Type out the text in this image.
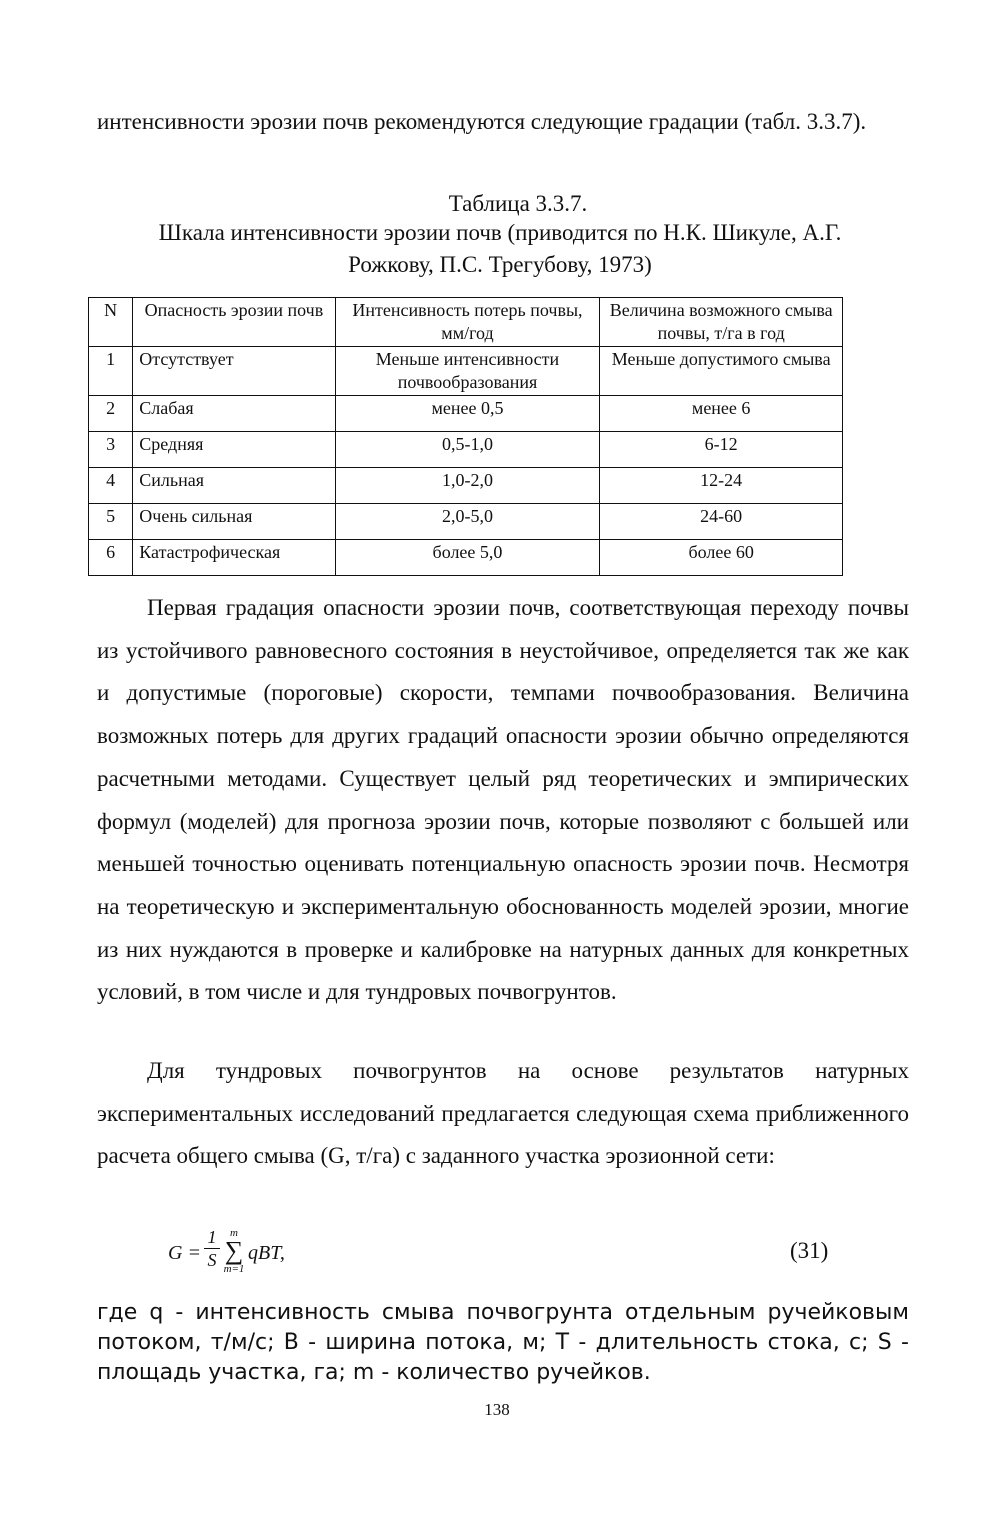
интенсивности эрозии почв рекомендуются следующие градации (табл. 3.3.7).
Таблица 3.3.7.
Шкала интенсивности эрозии почв (приводится по Н.К. Шикуле, А.Г. Рожкову, П.С. Трегубову, 1973)
N	Опасность эрозии почв	Интенсивность потерь почвы, мм/год	Величина возможного смыва почвы, т/га в год
1	Отсутствует	Меньше интенсивности почвообразования	Меньше допустимого смыва
2	Слабая	менее 0,5	менее 6
3	Средняя	0,5-1,0	6-12
4	Сильная	1,0-2,0	12-24
5	Очень сильная	2,0-5,0	24-60
6	Катастрофическая	более 5,0	более 60
Первая градация опасности эрозии почв, соответствующая переходу почвы из устойчивого равновесного состояния в неустойчивое, определяется так же как и допустимые (пороговые) скорости, темпами почвообразования. Величина возможных потерь для других градаций опасности эрозии обычно определяются расчетными методами. Существует целый ряд теоретических и эмпирических формул (моделей) для прогноза эрозии почв, которые позволяют с большей или меньшей точностью оценивать потенциальную опасность эрозии почв. Несмотря на теоретическую и экспериментальную обоснованность моделей эрозии, многие из них нуждаются в проверке и калибровке на натурных данных для конкретных условий, в том числе и для тундровых почвогрунтов.
Для тундровых почвогрунтов на основе результатов натурных экспериментальных исследований предлагается следующая схема приближенного расчета общего смыва (G, т/га) с заданного участка эрозионной сети:
$G = \frac{1}{S}$ m
∑
m=1
qBT,	(31)
где q - интенсивность смыва почвогрунта отдельным ручейковым потоком, т/м/с; B - ширина потока, м; T - длительность стока, с; S - площадь участка, га; m - количество ручейков.
138
